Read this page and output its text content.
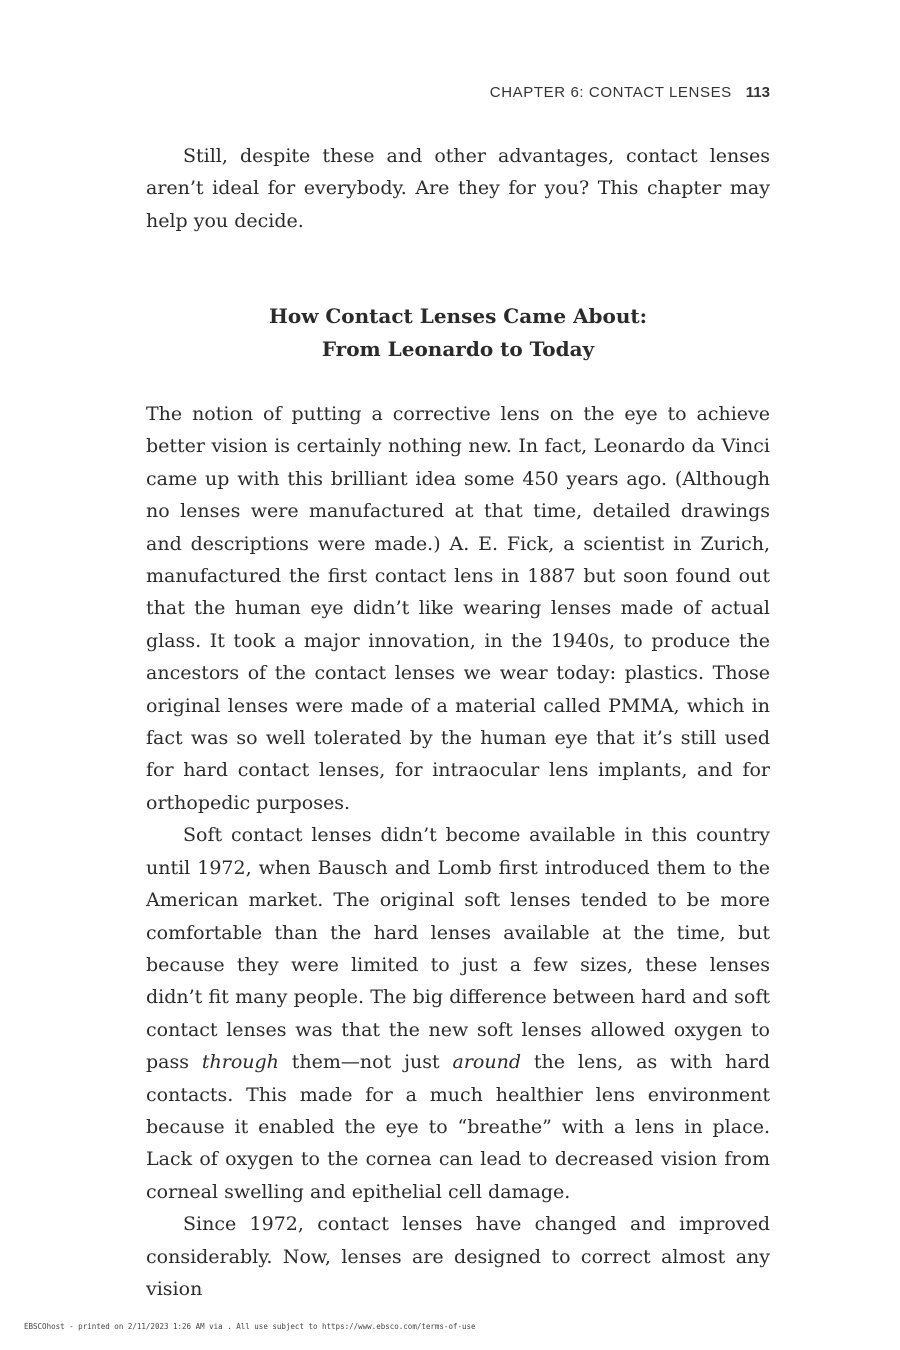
CHAPTER 6: CONTACT LENSES 113

Still, despite these and other advantages, contact lenses aren’t ideal for everybody. Are they for you? This chapter may help you decide.

How Contact Lenses Came About:
From Leonardo to Today

The notion of putting a corrective lens on the eye to achieve better vision is certainly nothing new. In fact, Leonardo da Vinci came up with this brilliant idea some 450 years ago. (Although no lenses were manufactured at that time, detailed drawings and descriptions were made.) A. E. Fick, a scientist in Zurich, manufactured the first contact lens in 1887 but soon found out that the human eye didn’t like wearing lenses made of actual glass. It took a major innovation, in the 1940s, to produce the ancestors of the contact lenses we wear today: plastics. Those original lenses were made of a material called PMMA, which in fact was so well tolerated by the human eye that it’s still used for hard contact lenses, for intraocular lens implants, and for orthopedic purposes.

Soft contact lenses didn’t become available in this country until 1972, when Bausch and Lomb first introduced them to the American market. The original soft lenses tended to be more comfortable than the hard lenses available at the time, but because they were limited to just a few sizes, these lenses didn’t fit many people. The big difference between hard and soft contact lenses was that the new soft lenses allowed oxygen to pass through them—not just around the lens, as with hard contacts. This made for a much healthier lens environment because it enabled the eye to “breathe” with a lens in place. Lack of oxygen to the cornea can lead to decreased vision from corneal swelling and epithelial cell damage.

Since 1972, contact lenses have changed and improved considerably. Now, lenses are designed to correct almost any vision

EBSCOhost - printed on 2/11/2023 1:26 AM via . All use subject to https://www.ebsco.com/terms-of-use
